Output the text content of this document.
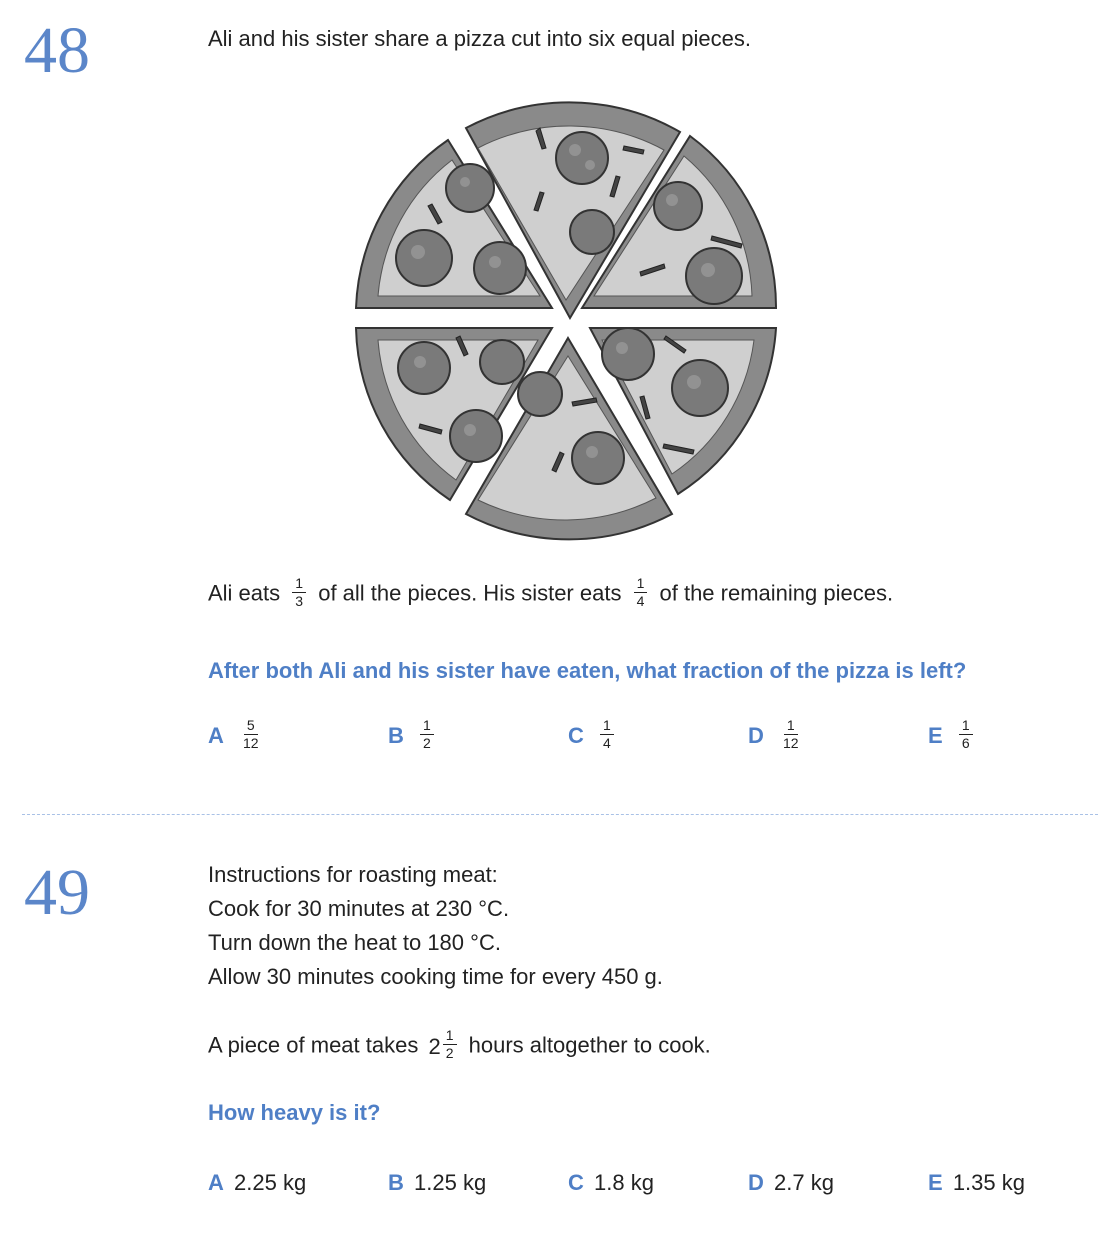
48	Ali and his sister share a pizza cut into six equal pieces.
Ali eats $\frac{1}{3}$ of all the pieces. His sister eats $\frac{1}{4}$ of the remaining pieces.
After both Ali and his sister have eaten, what fraction of the pizza is left?
A $\frac{5}{12}$	B $\frac{1}{2}$	C $\frac{1}{4}$	D $\frac{1}{12}$	E $\frac{1}{6}$
49	Instructions for roasting meat:
Cook for 30 minutes at 230 °C.
Turn down the heat to 180 °C.
Allow 30 minutes cooking time for every 450 g.
A piece of meat takes $2 \frac{1}{2}$ hours altogether to cook.
How heavy is it?
A 2.25 kg	B 1.25 kg	C 1.8 kg	D 2.7 kg	E 1.35 kg
